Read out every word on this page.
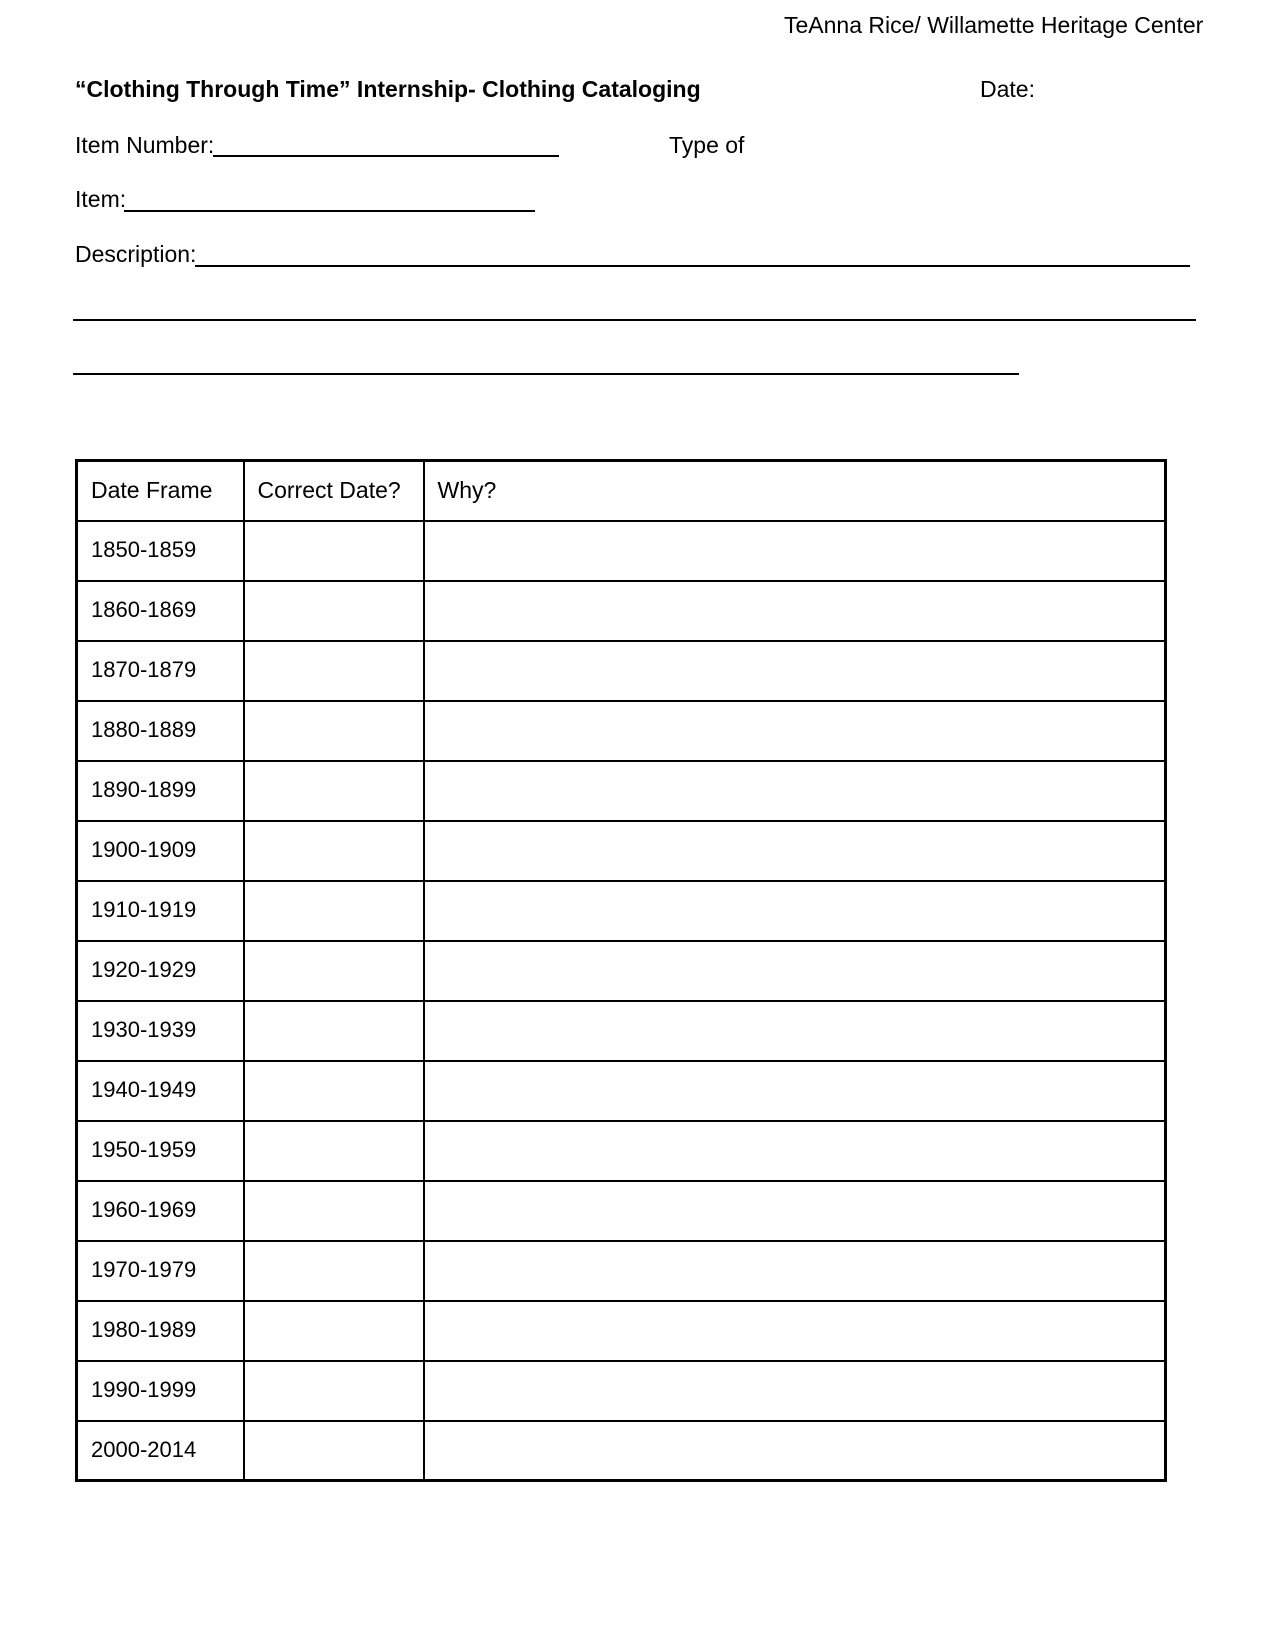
TeAnna Rice/ Willamette Heritage Center
“Clothing Through Time” Internship- Clothing Cataloging	Date:
Item Number:	Type of
Item:
Description:
Date Frame	Correct Date?	Why?
1850-1859		
1860-1869		
1870-1879		
1880-1889		
1890-1899		
1900-1909		
1910-1919		
1920-1929		
1930-1939		
1940-1949		
1950-1959		
1960-1969		
1970-1979		
1980-1989		
1990-1999		
2000-2014		
